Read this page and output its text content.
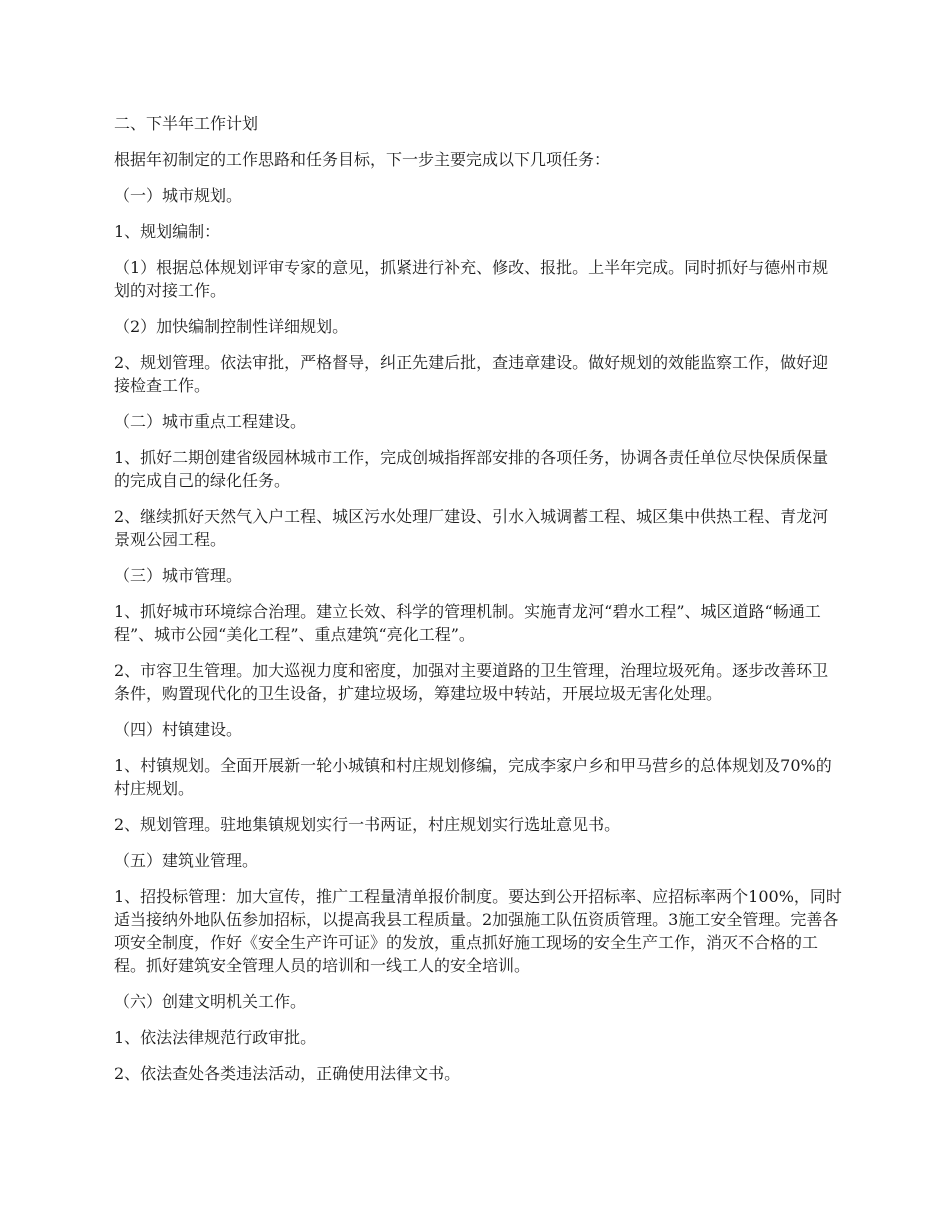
二、下半年工作计划

根据年初制定的工作思路和任务目标，下一步主要完成以下几项任务：

（一）城市规划。

1、规划编制：

（1）根据总体规划评审专家的意见，抓紧进行补充、修改、报批。上半年完成。同时抓好与德州市规划的对接工作。

（2）加快编制控制性详细规划。

2、规划管理。依法审批，严格督导，纠正先建后批，查违章建设。做好规划的效能监察工作，做好迎接检查工作。

（二）城市重点工程建设。

1、抓好二期创建省级园林城市工作，完成创城指挥部安排的各项任务，协调各责任单位尽快保质保量的完成自己的绿化任务。

2、继续抓好天然气入户工程、城区污水处理厂建设、引水入城调蓄工程、城区集中供热工程、青龙河景观公园工程。

（三）城市管理。

1、抓好城市环境综合治理。建立长效、科学的管理机制。实施青龙河“碧水工程”、城区道路“畅通工程”、城市公园“美化工程”、重点建筑“亮化工程”。

2、市容卫生管理。加大巡视力度和密度，加强对主要道路的卫生管理，治理垃圾死角。逐步改善环卫条件，购置现代化的卫生设备，扩建垃圾场，筹建垃圾中转站，开展垃圾无害化处理。

（四）村镇建设。

1、村镇规划。全面开展新一轮小城镇和村庄规划修编，完成李家户乡和甲马营乡的总体规划及70%的村庄规划。

2、规划管理。驻地集镇规划实行一书两证，村庄规划实行选址意见书。

（五）建筑业管理。

1、招投标管理：加大宣传，推广工程量清单报价制度。要达到公开招标率、应招标率两个100%，同时适当接纳外地队伍参加招标，以提高我县工程质量。2加强施工队伍资质管理。3施工安全管理。完善各项安全制度，作好《安全生产许可证》的发放，重点抓好施工现场的安全生产工作，消灭不合格的工程。抓好建筑安全管理人员的培训和一线工人的安全培训。

（六）创建文明机关工作。

1、依法法律规范行政审批。

2、依法查处各类违法活动，正确使用法律文书。
